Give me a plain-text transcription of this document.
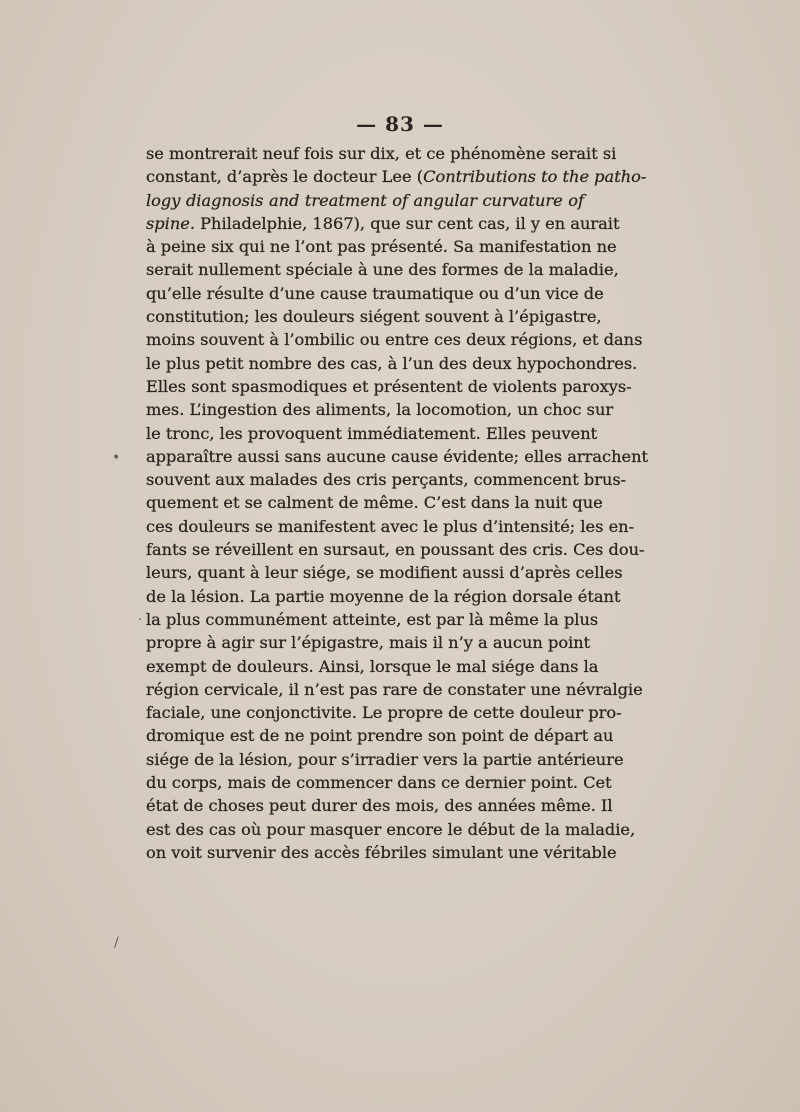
— 83 —
se montrerait neuf fois sur dix, et ce phénomène serait si
constant, d’après le docteur Lee (Contributions to the patho-
logy diagnosis and treatment of angular curvature of
spine. Philadelphie, 1867), que sur cent cas, il y en aurait
à peine six qui ne l’ont pas présenté. Sa manifestation ne
serait nullement spéciale à une des formes de la maladie,
qu’elle résulte d’une cause traumatique ou d’un vice de
constitution; les douleurs siégent souvent à l’épigastre,
moins souvent à l’ombilic ou entre ces deux régions, et dans
le plus petit nombre des cas, à l’un des deux hypochondres.
Elles sont spasmodiques et présentent de violents paroxys-
mes. L’ingestion des aliments, la locomotion, un choc sur
le tronc, les provoquent immédiatement. Elles peuvent
apparaître aussi sans aucune cause évidente; elles arrachent
souvent aux malades des cris perçants, commencent brus-
quement et se calment de même. C’est dans la nuit que
ces douleurs se manifestent avec le plus d’intensité; les en-
fants se réveillent en sursaut, en poussant des cris. Ces dou-
leurs, quant à leur siége, se modifient aussi d’après celles
de la lésion. La partie moyenne de la région dorsale étant
la plus communément atteinte, est par là même la plus
propre à agir sur l’épigastre, mais il n’y a aucun point
exempt de douleurs. Ainsi, lorsque le mal siége dans la
région cervicale, il n’est pas rare de constater une névralgie
faciale, une conjonctivite. Le propre de cette douleur pro-
dromique est de ne point prendre son point de départ au
siége de la lésion, pour s’irradier vers la partie antérieure
du corps, mais de commencer dans ce dernier point. Cet
état de choses peut durer des mois, des années même. Il
est des cas où pour masquer encore le début de la maladie,
on voit survenir des accès fébriles simulant une véritable
•
·
/
